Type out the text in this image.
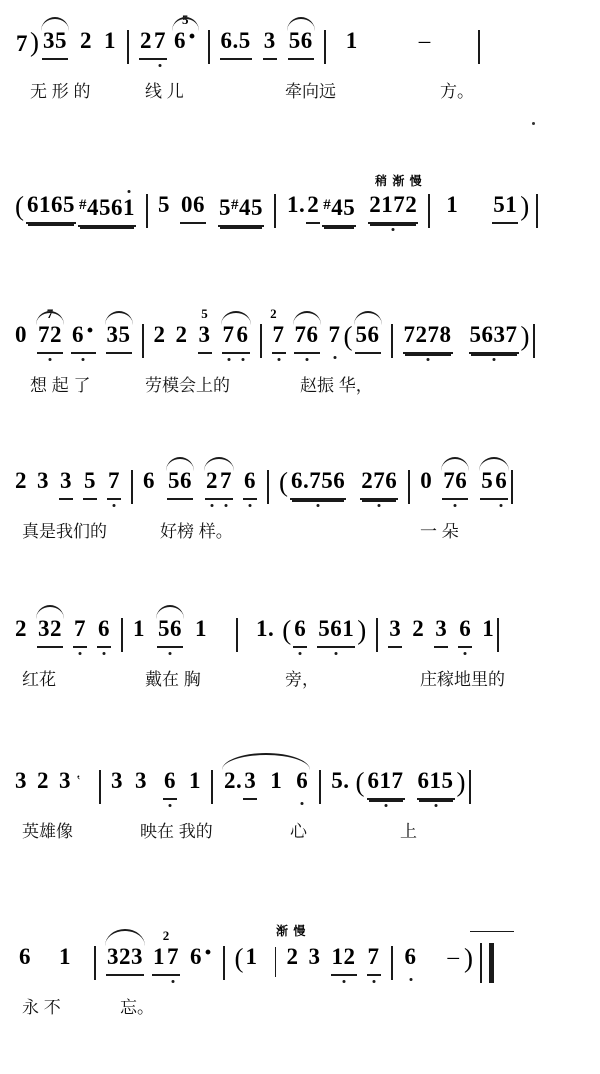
7) 35 2 1 27
5
6 ·	6.5 3 56 1	‒
无 形 的	线 儿	牵向远	方。
稍 渐 慢
( 6165 #4561 5 06 5#45 1.2 #45 2172 1 51 )
0
7
72 6 · 35 2 2
5
3 76
2
7 76 7 ( 56 7278 5637 )
想 起 了	劳模会上的	赵振 华，
2 3 3 5 7 6 56 27 6 ( 6.756 276 0 76 56
真是我们的	好榜 样。	一 朵
2 32 7 6 1 56 1 1. ( 6 561 ) 3 2 3 6 1
红花	戴在 胸	旁，	庄稼地里的
3 2 3 ‛ 3 3 6 1 2.3 1 6 5. ( 617 615 )
英雄像	映在 我的	心	上
渐 慢
6 1 323
2
17 6 ·	( 1 2 3 12 7 6 ‒ )
永 不	忘。
